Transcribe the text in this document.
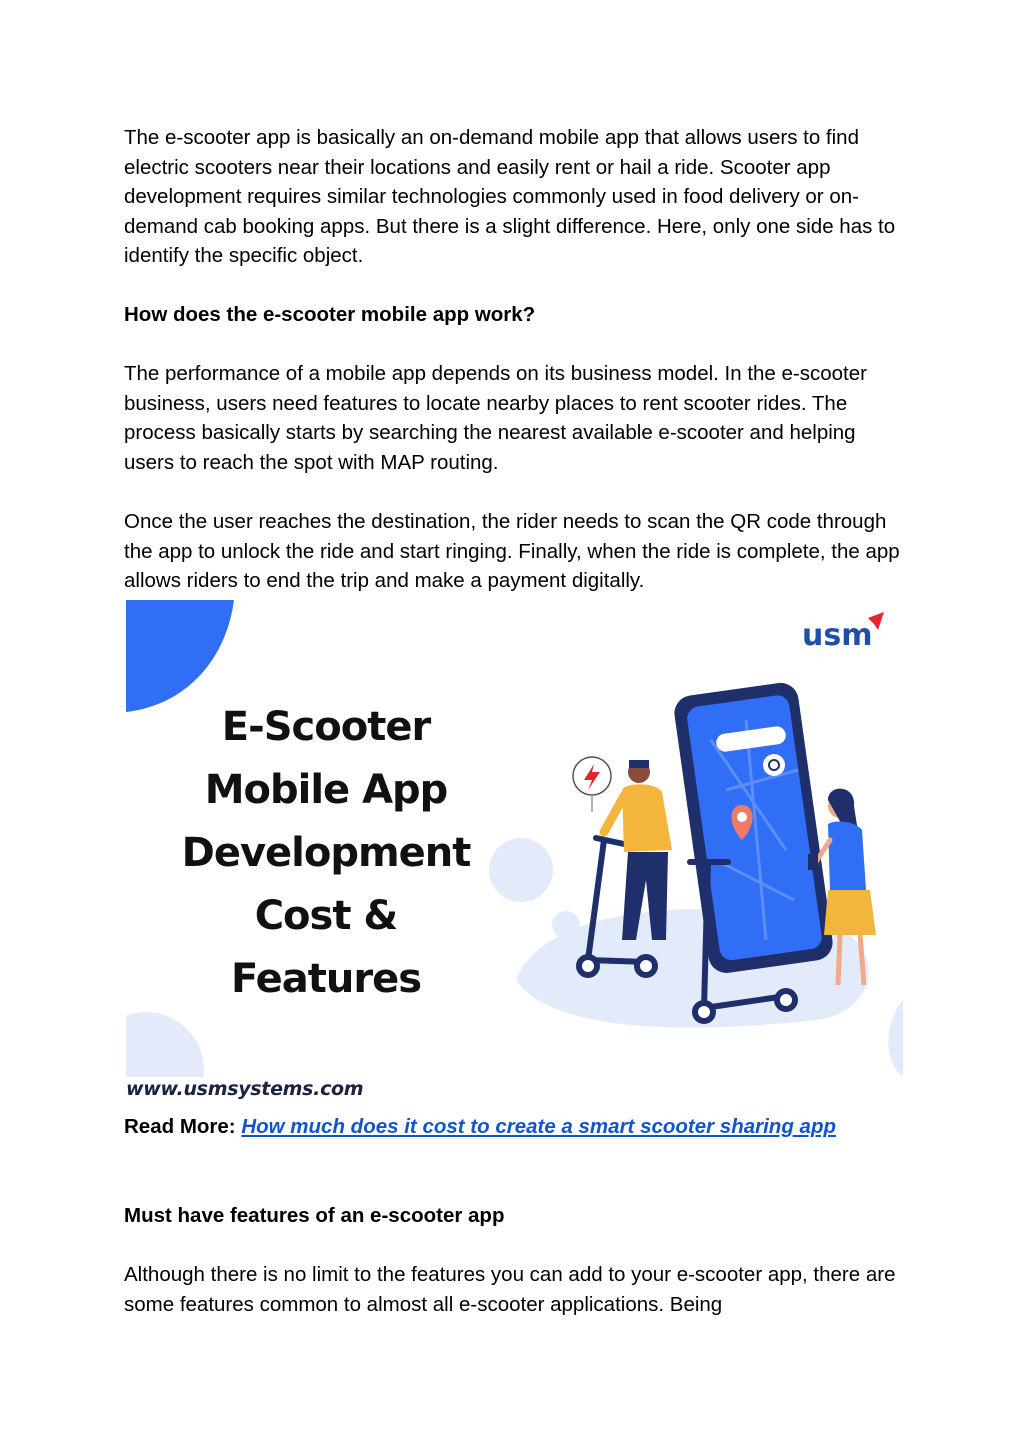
The e-scooter app is basically an on-demand mobile app that allows users to find electric scooters near their locations and easily rent or hail a ride. Scooter app development requires similar technologies commonly used in food delivery or on-demand cab booking apps. But there is a slight difference. Here, only one side has to identify the specific object.

How does the e-scooter mobile app work?

The performance of a mobile app depends on its business model. In the e-scooter business, users need features to locate nearby places to rent scooter rides. The process basically starts by searching the nearest available e-scooter and helping users to reach the spot with MAP routing.

Once the user reaches the destination, the rider needs to scan the QR code through the app to unlock the ride and start ringing. Finally, when the ride is complete, the app allows riders to end the trip and make a payment digitally.

usm
E-Scooter
Mobile App
Development
Cost &
Features
www.usmsystems.com
Read More: How much does it cost to create a smart scooter sharing app

Must have features of an e-scooter app

Although there is no limit to the features you can add to your e-scooter app, there are some features common to almost all e-scooter applications. Being
